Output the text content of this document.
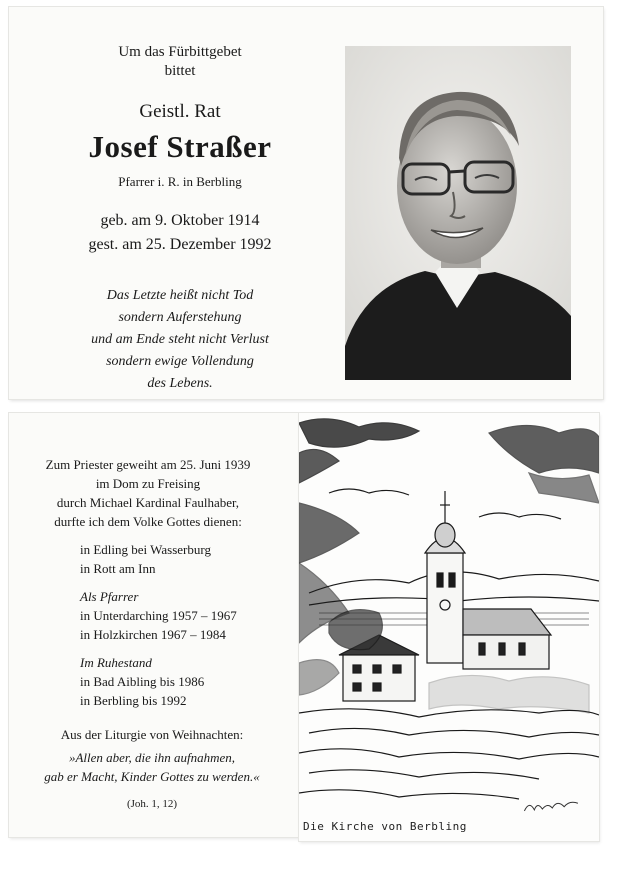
Um das Fürbittgebet
bittet
Geistl. Rat
Josef Straßer
Pfarrer i. R. in Berbling
geb. am 9. Oktober 1914
gest. am 25. Dezember 1992
Das Letzte heißt nicht Tod
sondern Auferstehung
und am Ende steht nicht Verlust
sondern ewige Vollendung
des Lebens.
Zum Priester geweiht am 25. Juni 1939
im Dom zu Freising
durch Michael Kardinal Faulhaber,
durfte ich dem Volke Gottes dienen:
in Edling bei Wasserburg
in Rott am Inn
Als Pfarrer
in Unterdarching 1957 – 1967
in Holzkirchen 1967 – 1984
Im Ruhestand
in Bad Aibling bis 1986
in Berbling bis 1992
Aus der Liturgie von Weihnachten:
»Allen aber, die ihn aufnahmen,
gab er Macht, Kinder Gottes zu werden.«
(Joh. 1, 12)
Die Kirche von Berbling
